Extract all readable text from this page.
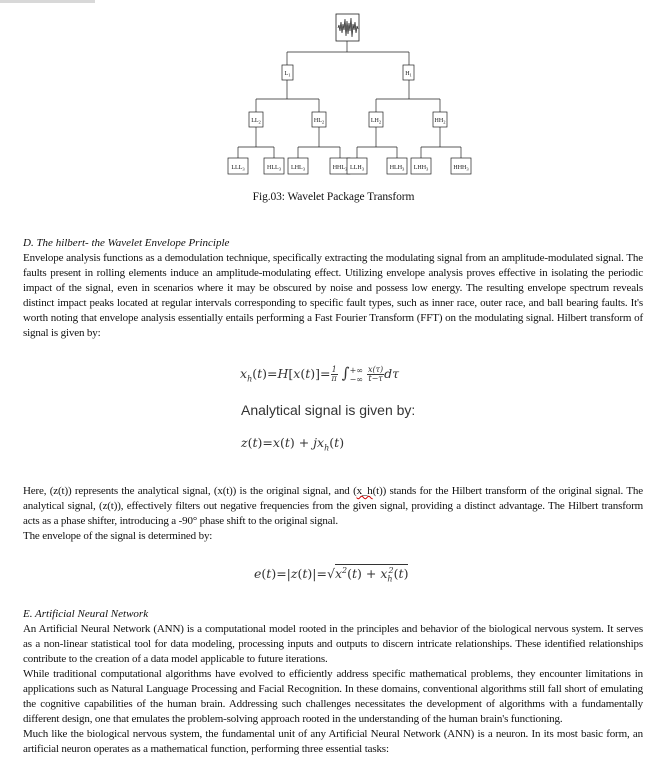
$L_1$	$H_1$
$LL_2$	$HL_2$	$LH_2$	$HH_2$
$LLL_3$	$HLL_3$ $LHL_3$	$HHL_3$ $LLH_3$	$HLH_3$ $LHH_3$	$HHH_3$
Fig.03: Wavelet Package Transform
D. The hilbert- the Wavelet Envelope Principle

Envelope analysis functions as a demodulation technique, specifically extracting the modulating signal from an amplitude-modulated signal. The faults present in rolling elements induce an amplitude-modulating effect. Utilizing envelope analysis proves effective in isolating the periodic impact of the signal, even in scenarios where it may be obscured by noise and possess low energy. The resulting envelope spectrum reveals distinct impact peaks located at regular intervals corresponding to specific fault types, such as inner race, outer race, and ball bearing faults. It's worth noting that envelope analysis essentially entails performing a Fast Fourier Transform (FFT) on the modulating signal. Hilbert transform of signal is given by:

$x_h(t)=H[x(t)]= \frac{1}{\pi}$ ∫ +∞
−∞
$\frac{x(\tau)}{t-\tau}$ dτ
Analytical signal is given by:
$z(t)=x(t) + jx_h(t)$

Here, (z(t)) represents the analytical signal, (x(t)) is the original signal, and (x_h(t)) stands for the Hilbert transform of the original signal. The analytical signal, (z(t)), effectively filters out negative frequencies from the given signal, providing a distinct advantage. The Hilbert transform acts as a phase shifter, introducing a -90° phase shift to the original signal.

The envelope of the signal is determined by:

$e(t)=|z(t)|=√x^2(t) + x_h^2(t)$
E. Artificial Neural Network

An Artificial Neural Network (ANN) is a computational model rooted in the principles and behavior of the biological nervous system. It serves as a non-linear statistical tool for data modeling, processing inputs and outputs to discern intricate relationships. These identified relationships contribute to the creation of a data model applicable to future iterations.

While traditional computational algorithms have evolved to efficiently address specific mathematical problems, they encounter limitations in applications such as Natural Language Processing and Facial Recognition. In these domains, conventional algorithms still fall short of emulating the cognitive capabilities of the human brain. Addressing such challenges necessitates the development of algorithms with a fundamentally different design, one that emulates the problem-solving approach rooted in the understanding of the human brain's functioning.

Much like the biological nervous system, the fundamental unit of any Artificial Neural Network (ANN) is a neuron. In its most basic form, an artificial neuron operates as a mathematical function, performing three essential tasks:
